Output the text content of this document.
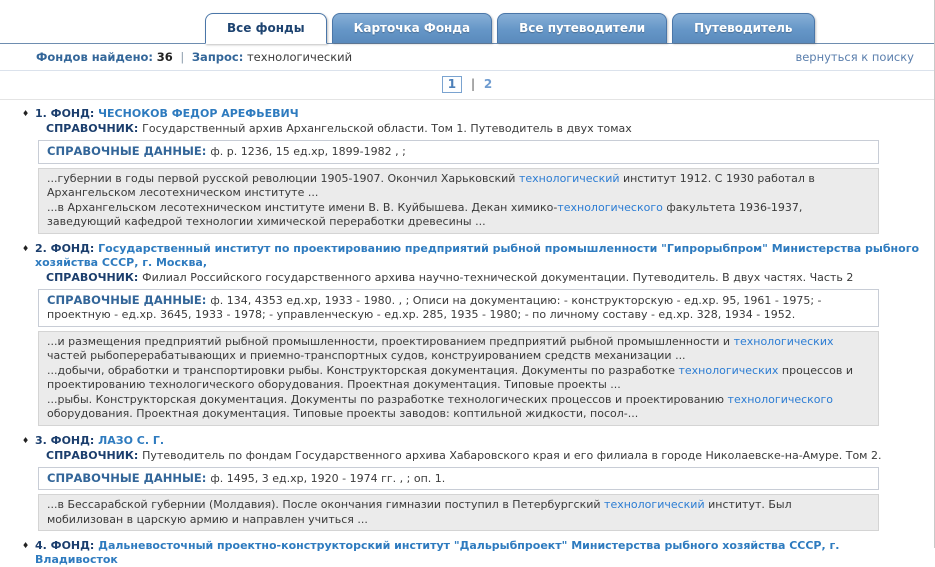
Все фонды	Карточка Фонда	Все путеводители	Путеводитель
Фондов найдено: 36 | Запрос: технологический	вернуться к поиску
1 | 2
♦ 1. ФОНД: ЧЕСНОКОВ ФЕДОР АРЕФЬЕВИЧ
СПРАВОЧНИК: Государственный архив Архангельской области. Том 1. Путеводитель в двух томах
СПРАВОЧНЫЕ ДАННЫЕ: ф. р. 1236, 15 ед.хр, 1899-1982 , ;
...губернии в годы первой русской революции 1905-1907. Окончил Харьковский технологический институт 1912. С 1930 работал в Архангельском лесотехническом институте ...
...в Архангельском лесотехническом институте имени В. В. Куйбышева. Декан химико-технологического факультета 1936-1937, заведующий кафедрой технологии химической переработки древесины ...
♦ 2. ФОНД: Государственный институт по проектированию предприятий рыбной промышленности "Гипрорыбпром" Министерства рыбного хозяйства СССР, г. Москва,
СПРАВОЧНИК: Филиал Российского государственного архива научно-технической документации. Путеводитель. В двух частях. Часть 2
СПРАВОЧНЫЕ ДАННЫЕ: ф. 134, 4353 ед.хр, 1933 - 1980. , ; Описи на документацию: - конструкторскую - ед.хр. 95, 1961 - 1975; - проектную - ед.хр. 3645, 1933 - 1978; - управленческую - ед.хр. 285, 1935 - 1980; - по личному составу - ед.хр. 328, 1934 - 1952.
...и размещения предприятий рыбной промышленности, проектированием предприятий рыбной промышленности и технологических частей рыбоперерабатывающих и приемно-транспортных судов, конструированием средств механизации ...
...добычи, обработки и транспортировки рыбы. Конструкторская документация. Документы по разработке технологических процессов и проектированию технологического оборудования. Проектная документация. Типовые проекты ...
...рыбы. Конструкторская документация. Документы по разработке технологических процессов и проектированию технологического оборудования. Проектная документация. Типовые проекты заводов: коптильной жидкости, посол-...
♦ 3. ФОНД: ЛАЗО С. Г.
СПРАВОЧНИК: Путеводитель по фондам Государственного архива Хабаровского края и его филиала в городе Николаевске-на-Амуре. Том 2.
СПРАВОЧНЫЕ ДАННЫЕ: ф. 1495, 3 ед.хр, 1920 - 1974 гг. , ; оп. 1.
...в Бессарабской губернии (Молдавия). После окончания гимназии поступил в Петербургский технологический институт. Был мобилизован в царскую армию и направлен учиться ...
♦ 4. ФОНД: Дальневосточный проектно-конструкторский институт "Дальрыбпроект" Министерства рыбного хозяйства СССР, г. Владивосток
